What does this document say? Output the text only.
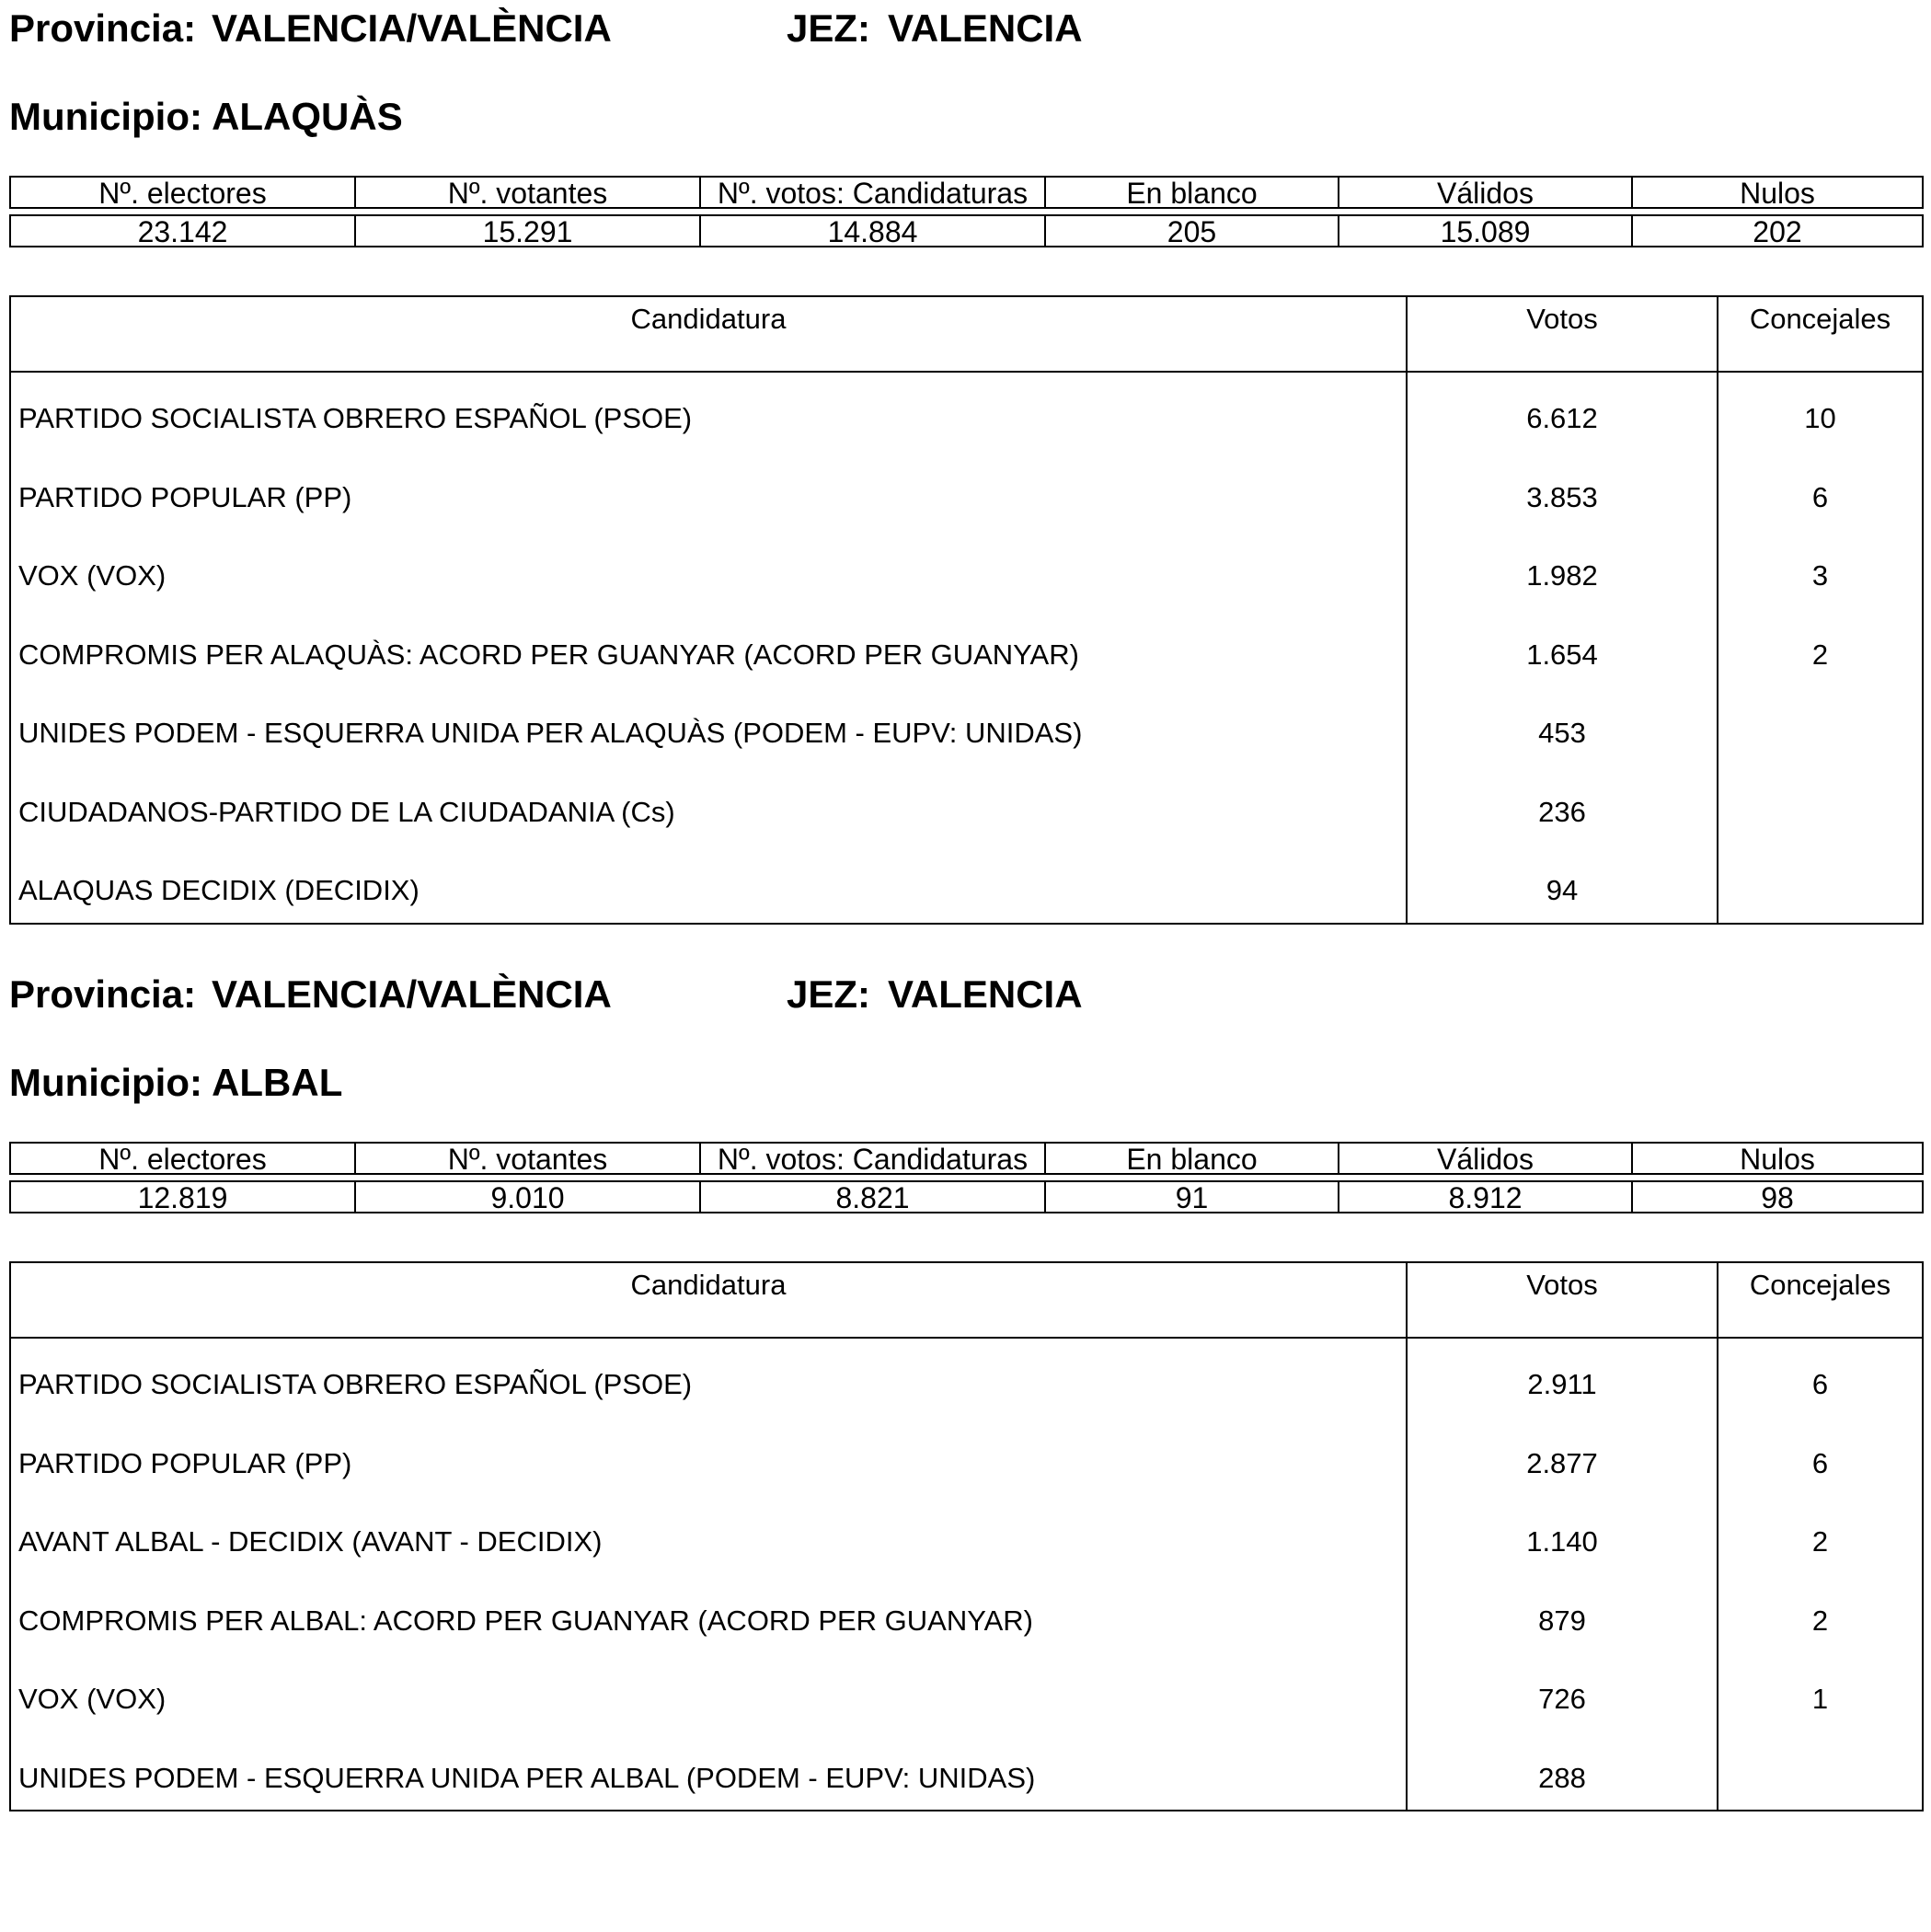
Provincia: VALENCIA/VALÈNCIA	JEZ: VALENCIA
Municipio: ALAQUÀS
Nº. electores	Nº. votantes	Nº. votos: Candidaturas	En blanco	Válidos	Nulos
23.142	15.291	14.884	205	15.089	202
Candidatura	Votos	Concejales
PARTIDO SOCIALISTA OBRERO ESPAÑOL (PSOE)	6.612	10
PARTIDO POPULAR (PP)	3.853	6
VOX (VOX)	1.982	3
COMPROMIS PER ALAQUÀS: ACORD PER GUANYAR (ACORD PER GUANYAR)	1.654	2
UNIDES PODEM - ESQUERRA UNIDA PER ALAQUÀS (PODEM - EUPV: UNIDAS)	453
CIUDADANOS-PARTIDO DE LA CIUDADANIA (Cs)	236
ALAQUAS DECIDIX (DECIDIX)	94
Provincia: VALENCIA/VALÈNCIA	JEZ: VALENCIA
Municipio: ALBAL
Nº. electores	Nº. votantes	Nº. votos: Candidaturas	En blanco	Válidos	Nulos
12.819	9.010	8.821	91	8.912	98
Candidatura	Votos	Concejales
PARTIDO SOCIALISTA OBRERO ESPAÑOL (PSOE)	2.911	6
PARTIDO POPULAR (PP)	2.877	6
AVANT ALBAL - DECIDIX (AVANT - DECIDIX)	1.140	2
COMPROMIS PER ALBAL: ACORD PER GUANYAR (ACORD PER GUANYAR)	879	2
VOX (VOX)	726	1
UNIDES PODEM - ESQUERRA UNIDA PER ALBAL (PODEM - EUPV: UNIDAS)	288
